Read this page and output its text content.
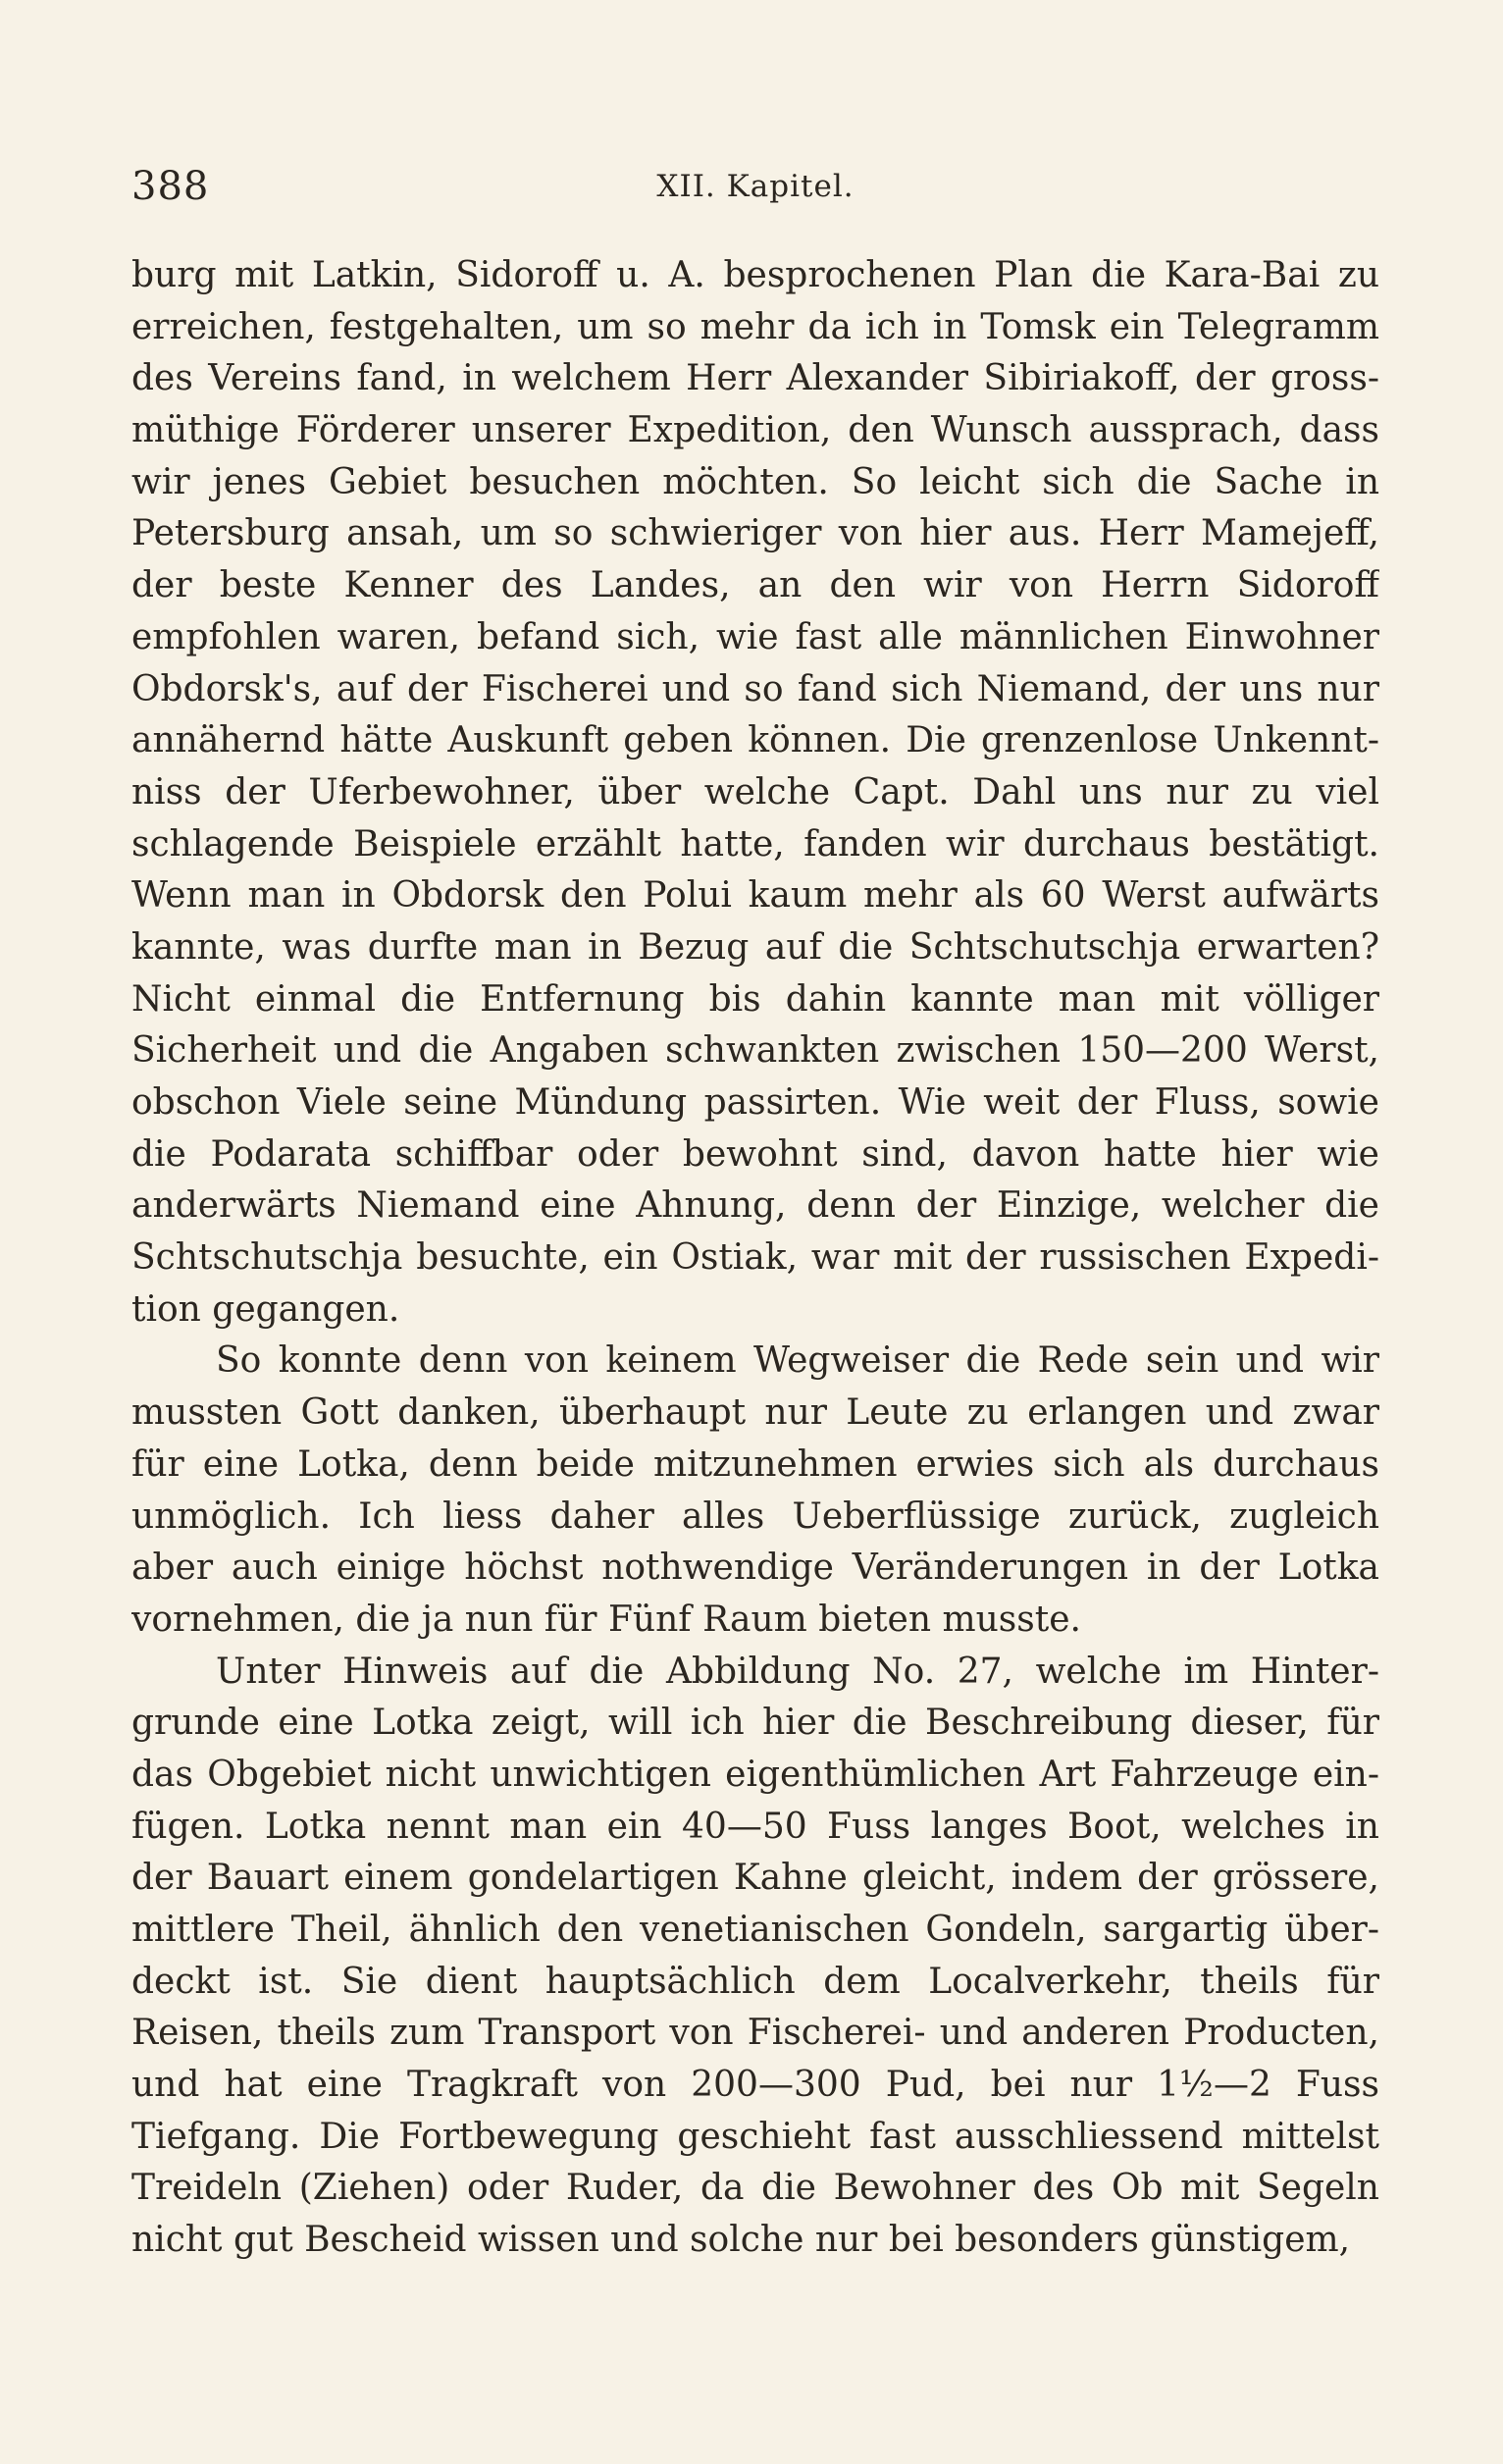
388	XII. Kapitel.
burg mit Latkin, Sidoroff u. A. besprochenen Plan die Kara-Bai zu
erreichen, festgehalten, um so mehr da ich in Tomsk ein Telegramm
des Vereins fand, in welchem Herr Alexander Sibiriakoff, der gross-
müthige Förderer unserer Expedition, den Wunsch aussprach, dass
wir jenes Gebiet besuchen möchten. So leicht sich die Sache in
Petersburg ansah, um so schwieriger von hier aus. Herr Mamejeff,
der beste Kenner des Landes, an den wir von Herrn Sidoroff
empfohlen waren, befand sich, wie fast alle männlichen Einwohner
Obdorsk's, auf der Fischerei und so fand sich Niemand, der uns nur
annähernd hätte Auskunft geben können. Die grenzenlose Unkennt-
niss der Uferbewohner, über welche Capt. Dahl uns nur zu viel
schlagende Beispiele erzählt hatte, fanden wir durchaus bestätigt.
Wenn man in Obdorsk den Polui kaum mehr als 60 Werst aufwärts
kannte, was durfte man in Bezug auf die Schtschutschja erwarten?
Nicht einmal die Entfernung bis dahin kannte man mit völliger
Sicherheit und die Angaben schwankten zwischen 150—200 Werst,
obschon Viele seine Mündung passirten. Wie weit der Fluss, sowie
die Podarata schiffbar oder bewohnt sind, davon hatte hier wie
anderwärts Niemand eine Ahnung, denn der Einzige, welcher die
Schtschutschja besuchte, ein Ostiak, war mit der russischen Expedi-
tion gegangen.
So konnte denn von keinem Wegweiser die Rede sein und wir
mussten Gott danken, überhaupt nur Leute zu erlangen und zwar
für eine Lotka, denn beide mitzunehmen erwies sich als durchaus
unmöglich. Ich liess daher alles Ueberflüssige zurück, zugleich
aber auch einige höchst nothwendige Veränderungen in der Lotka
vornehmen, die ja nun für Fünf Raum bieten musste.
Unter Hinweis auf die Abbildung No. 27, welche im Hinter-
grunde eine Lotka zeigt, will ich hier die Beschreibung dieser, für
das Obgebiet nicht unwichtigen eigenthümlichen Art Fahrzeuge ein-
fügen. Lotka nennt man ein 40—50 Fuss langes Boot, welches in
der Bauart einem gondelartigen Kahne gleicht, indem der grössere,
mittlere Theil, ähnlich den venetianischen Gondeln, sargartig über-
deckt ist. Sie dient hauptsächlich dem Localverkehr, theils für
Reisen, theils zum Transport von Fischerei- und anderen Producten,
und hat eine Tragkraft von 200—300 Pud, bei nur 1½—2 Fuss
Tiefgang. Die Fortbewegung geschieht fast ausschliessend mittelst
Treideln (Ziehen) oder Ruder, da die Bewohner des Ob mit Segeln
nicht gut Bescheid wissen und solche nur bei besonders günstigem,
